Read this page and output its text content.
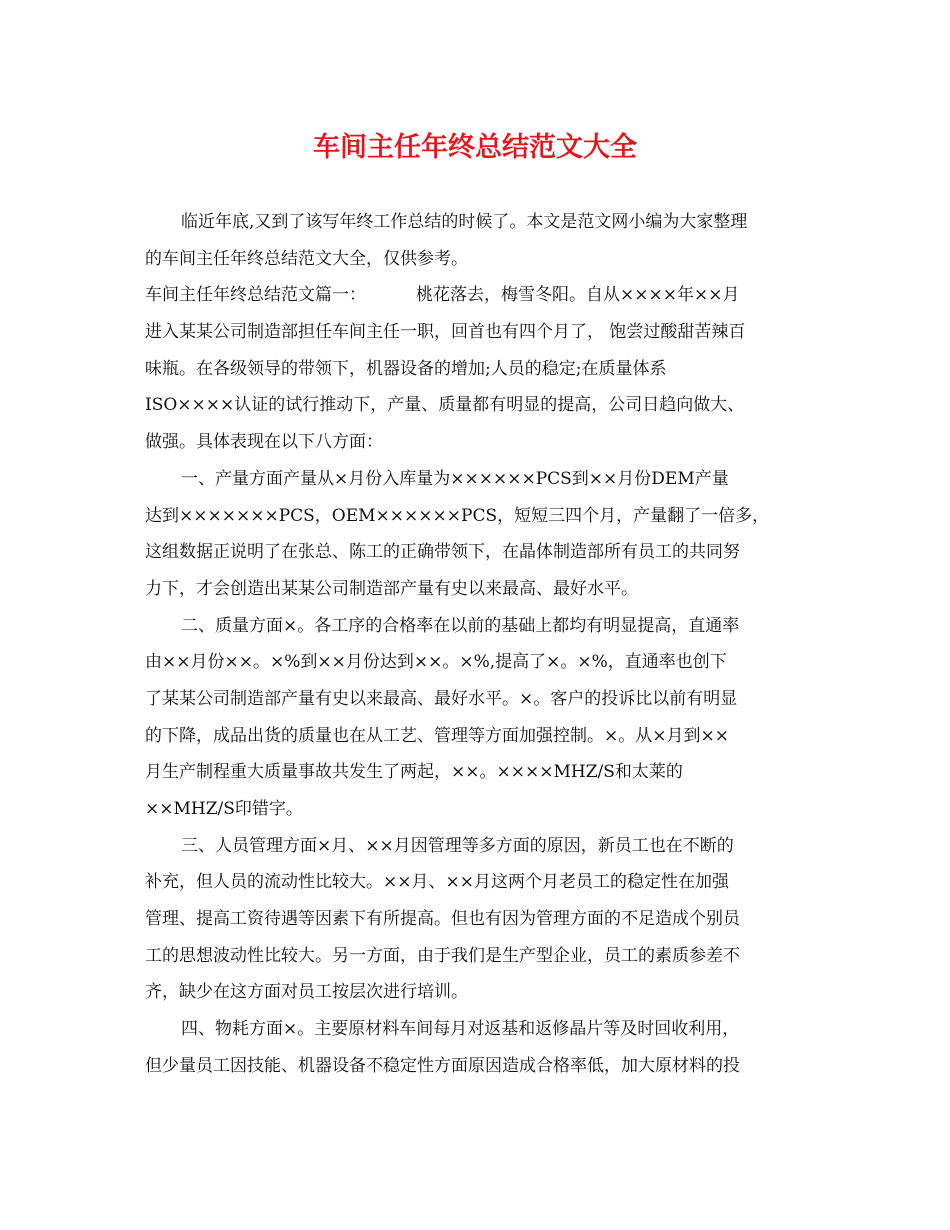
车间主任年终总结范文大全
临近年底,又到了该写年终工作总结的时候了。本文是范文网小编为大家整理
的车间主任年终总结范文大全，仅供参考。
车间主任年终总结范文篇一：	桃花落去，梅雪冬阳。自从××××年××月
进入某某公司制造部担任车间主任一职，回首也有四个月了， 饱尝过酸甜苦辣百
味瓶。在各级领导的带领下，机器设备的增加;人员的稳定;在质量体系
ISO××××认证的试行推动下，产量、质量都有明显的提高，公司日趋向做大、
做强。具体表现在以下八方面：
一、产量方面产量从×月份入库量为××××××PCS到××月份DEM产量
达到×××××××PCS，OEM××××××PCS，短短三四个月，产量翻了一倍多，
这组数据正说明了在张总、陈工的正确带领下，在晶体制造部所有员工的共同努
力下，才会创造出某某公司制造部产量有史以来最高、最好水平。
二、质量方面×。各工序的合格率在以前的基础上都均有明显提高，直通率
由××月份××。×%到××月份达到××。×%,提高了×。×%，直通率也创下
了某某公司制造部产量有史以来最高、最好水平。×。客户的投诉比以前有明显
的下降，成品出货的质量也在从工艺、管理等方面加强控制。×。从×月到××
月生产制程重大质量事故共发生了两起，××。××××MHZ/S和太莱的
××MHZ/S印错字。
三、人员管理方面×月、××月因管理等多方面的原因，新员工也在不断的
补充，但人员的流动性比较大。××月、××月这两个月老员工的稳定性在加强
管理、提高工资待遇等因素下有所提高。但也有因为管理方面的不足造成个别员
工的思想波动性比较大。另一方面，由于我们是生产型企业，员工的素质参差不
齐，缺少在这方面对员工按层次进行培训。
四、物耗方面×。主要原材料车间每月对返基和返修晶片等及时回收利用，
但少量员工因技能、机器设备不稳定性方面原因造成合格率低，加大原材料的投
